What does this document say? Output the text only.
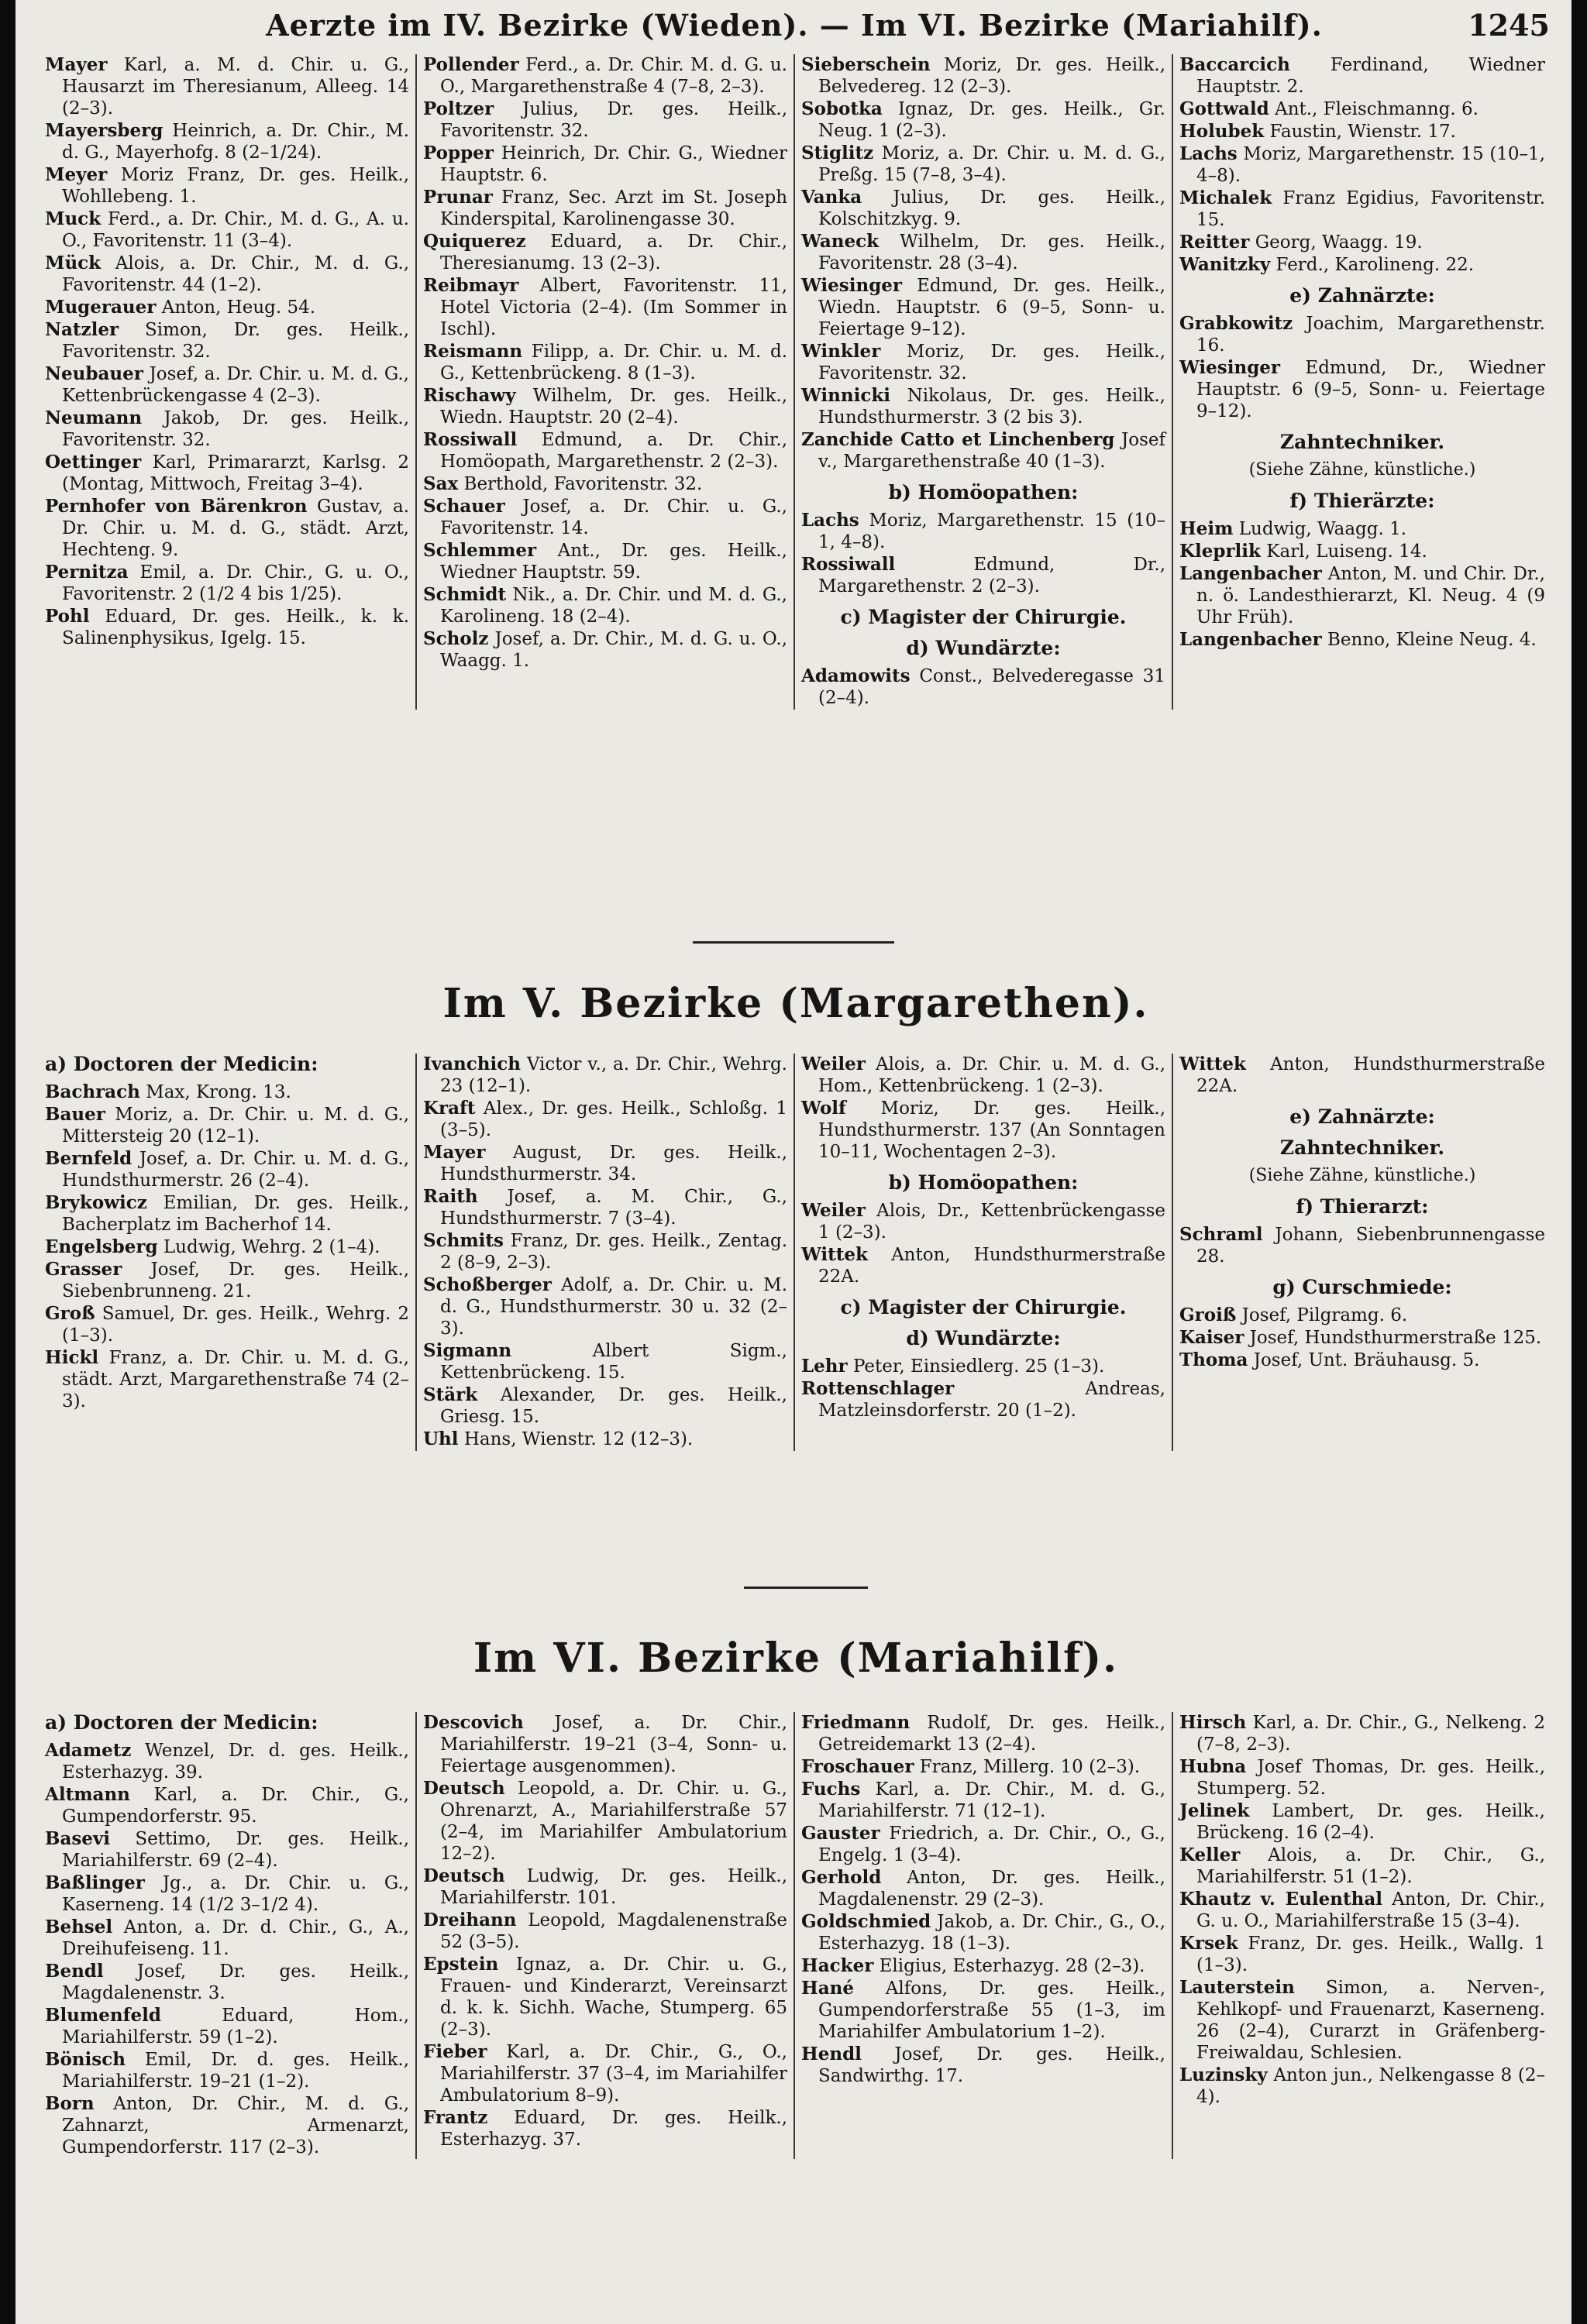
Aerzte im IV. Bezirke (Wieden). — Im VI. Bezirke (Mariahilf).	1245
Mayer Karl, a. M. d. Chir. u. G., Hausarzt im Theresianum, Alleeg. 14 (2–3).
Mayersberg Heinrich, a. Dr. Chir., M. d. G., Mayerhofg. 8 (2–1/24).
Meyer Moriz Franz, Dr. ges. Heilk., Wohllebeng. 1.
Muck Ferd., a. Dr. Chir., M. d. G., A. u. O., Favoritenstr. 11 (3–4).
Mück Alois, a. Dr. Chir., M. d. G., Favoritenstr. 44 (1–2).
Mugerauer Anton, Heug. 54.
Natzler Simon, Dr. ges. Heilk., Favoritenstr. 32.
Neubauer Josef, a. Dr. Chir. u. M. d. G., Kettenbrückengasse 4 (2–3).
Neumann Jakob, Dr. ges. Heilk., Favoritenstr. 32.
Oettinger Karl, Primararzt, Karlsg. 2 (Montag, Mittwoch, Freitag 3–4).
Pernhofer von Bärenkron Gustav, a. Dr. Chir. u. M. d. G., städt. Arzt, Hechteng. 9.
Pernitza Emil, a. Dr. Chir., G. u. O., Favoritenstr. 2 (1/2 4 bis 1/25).
Pohl Eduard, Dr. ges. Heilk., k. k. Salinenphysikus, Igelg. 15.
Pollender Ferd., a. Dr. Chir. M. d. G. u. O., Margarethenstraße 4 (7–8, 2–3).
Poltzer Julius, Dr. ges. Heilk., Favoritenstr. 32.
Popper Heinrich, Dr. Chir. G., Wiedner Hauptstr. 6.
Prunar Franz, Sec. Arzt im St. Joseph Kinderspital, Karolinengasse 30.
Quiquerez Eduard, a. Dr. Chir., Theresianumg. 13 (2–3).
Reibmayr Albert, Favoritenstr. 11, Hotel Victoria (2–4). (Im Sommer in Ischl).
Reismann Filipp, a. Dr. Chir. u. M. d. G., Kettenbrückeng. 8 (1–3).
Rischawy Wilhelm, Dr. ges. Heilk., Wiedn. Hauptstr. 20 (2–4).
Rossiwall Edmund, a. Dr. Chir., Homöopath, Margarethenstr. 2 (2–3).
Sax Berthold, Favoritenstr. 32.
Schauer Josef, a. Dr. Chir. u. G., Favoritenstr. 14.
Schlemmer Ant., Dr. ges. Heilk., Wiedner Hauptstr. 59.
Schmidt Nik., a. Dr. Chir. und M. d. G., Karolineng. 18 (2–4).
Scholz Josef, a. Dr. Chir., M. d. G. u. O., Waagg. 1.
Sieberschein Moriz, Dr. ges. Heilk., Belvedereg. 12 (2–3).
Sobotka Ignaz, Dr. ges. Heilk., Gr. Neug. 1 (2–3).
Stiglitz Moriz, a. Dr. Chir. u. M. d. G., Preßg. 15 (7–8, 3–4).
Vanka Julius, Dr. ges. Heilk., Kolschitzkyg. 9.
Waneck Wilhelm, Dr. ges. Heilk., Favoritenstr. 28 (3–4).
Wiesinger Edmund, Dr. ges. Heilk., Wiedn. Hauptstr. 6 (9–5, Sonn- u. Feiertage 9–12).
Winkler Moriz, Dr. ges. Heilk., Favoritenstr. 32.
Winnicki Nikolaus, Dr. ges. Heilk., Hundsthurmerstr. 3 (2 bis 3).
Zanchide Catto et Linchenberg Josef v., Margarethenstraße 40 (1–3).
b) Homöopathen:
Lachs Moriz, Margarethenstr. 15 (10–1, 4–8).
Rossiwall	Edmund, Dr., Margarethenstr. 2 (2–3).
c) Magister der Chirurgie.
d) Wundärzte:
Adamowits Const., Belvederegasse 31 (2–4).
Baccarcich Ferdinand, Wiedner Hauptstr. 2.
Gottwald Ant., Fleischmanng. 6.
Holubek Faustin, Wienstr. 17.
Lachs Moriz, Margarethenstr. 15 (10–1, 4–8).
Michalek Franz Egidius, Favoritenstr. 15.
Reitter Georg, Waagg. 19.
Wanitzky Ferd., Karolineng. 22.
e) Zahnärzte:
Grabkowitz Joachim, Margarethenstr. 16.
Wiesinger Edmund, Dr., Wiedner Hauptstr. 6 (9–5, Sonn- u. Feiertage 9–12).
Zahntechniker.
(Siehe Zähne, künstliche.)
f) Thierärzte:
Heim Ludwig, Waagg. 1.
Kleprlik Karl, Luiseng. 14.
Langenbacher Anton, M. und Chir. Dr., n. ö. Landesthierarzt, Kl. Neug. 4 (9 Uhr Früh).
Langenbacher Benno, Kleine Neug. 4.
Im V. Bezirke (Margarethen).
a) Doctoren der Medicin:
Bachrach Max, Krong. 13.
Bauer Moriz, a. Dr. Chir. u. M. d. G., Mittersteig 20 (12–1).
Bernfeld Josef, a. Dr. Chir. u. M. d. G., Hundsthurmerstr. 26 (2–4).
Brykowicz Emilian, Dr. ges. Heilk., Bacherplatz im Bacherhof 14.
Engelsberg Ludwig, Wehrg. 2 (1–4).
Grasser Josef, Dr. ges. Heilk., Siebenbrunneng. 21.
Groß Samuel, Dr. ges. Heilk., Wehrg. 2 (1–3).
Hickl Franz, a. Dr. Chir. u. M. d. G., städt. Arzt, Margarethenstraße 74 (2–3).
Ivanchich Victor v., a. Dr. Chir., Wehrg. 23 (12–1).
Kraft Alex., Dr. ges. Heilk., Schloßg. 1 (3–5).
Mayer August, Dr. ges. Heilk., Hundsthurmerstr. 34.
Raith Josef, a. M. Chir., G., Hundsthurmerstr. 7 (3–4).
Schmits Franz, Dr. ges. Heilk., Zentag. 2 (8–9, 2–3).
Schoßberger Adolf, a. Dr. Chir. u. M. d. G., Hundsthurmerstr. 30 u. 32 (2–3).
Sigmann	Albert Sigm., Kettenbrückeng. 15.
Stärk Alexander, Dr. ges. Heilk., Griesg. 15.
Uhl Hans, Wienstr. 12 (12–3).
Weiler Alois, a. Dr. Chir. u. M. d. G., Hom., Kettenbrückeng. 1 (2–3).
Wolf Moriz, Dr. ges. Heilk., Hundsthurmerstr. 137 (An Sonntagen 10–11, Wochentagen 2–3).
b) Homöopathen:
Weiler Alois, Dr., Kettenbrückengasse 1 (2–3).
Wittek Anton, Hundsthurmerstraße 22A.
c) Magister der Chirurgie.
d) Wundärzte:
Lehr Peter, Einsiedlerg. 25 (1–3).
Rottenschlager	Andreas, Matzleinsdorferstr. 20 (1–2).
Wittek Anton, Hundsthurmerstraße 22A.
e) Zahnärzte:
Zahntechniker.
(Siehe Zähne, künstliche.)
f) Thierarzt:
Schraml Johann, Siebenbrunnengasse 28.
g) Curschmiede:
Groiß Josef, Pilgramg. 6.
Kaiser Josef, Hundsthurmerstraße 125.
Thoma Josef, Unt. Bräuhausg. 5.
Im VI. Bezirke (Mariahilf).
a) Doctoren der Medicin:
Adametz Wenzel, Dr. d. ges. Heilk., Esterhazyg. 39.
Altmann Karl, a. Dr. Chir., G., Gumpendorferstr. 95.
Basevi Settimo, Dr. ges. Heilk., Mariahilferstr. 69 (2–4).
Baßlinger Jg., a. Dr. Chir. u. G., Kaserneng. 14 (1/2 3–1/2 4).
Behsel Anton, a. Dr. d. Chir., G., A., Dreihufeiseng. 11.
Bendl Josef, Dr. ges. Heilk., Magdalenenstr. 3.
Blumenfeld	Eduard, Hom., Mariahilferstr. 59 (1–2).
Bönisch Emil, Dr. d. ges. Heilk., Mariahilferstr. 19–21 (1–2).
Born Anton, Dr. Chir., M. d. G., Zahnarzt, Armenarzt, Gumpendorferstr. 117 (2–3).
Descovich Josef, a. Dr. Chir., Mariahilferstr. 19–21 (3–4, Sonn- u. Feiertage ausgenommen).
Deutsch Leopold, a. Dr. Chir. u. G., Ohrenarzt, A., Mariahilferstraße 57 (2–4, im Mariahilfer Ambulatorium 12–2).
Deutsch Ludwig, Dr. ges. Heilk., Mariahilferstr. 101.
Dreihann Leopold, Magdalenenstraße 52 (3–5).
Epstein Ignaz, a. Dr. Chir. u. G., Frauen- und Kinderarzt, Vereinsarzt d. k. k. Sichh. Wache, Stumperg. 65 (2–3).
Fieber Karl, a. Dr. Chir., G., O., Mariahilferstr. 37 (3–4, im Mariahilfer Ambulatorium 8–9).
Frantz Eduard, Dr. ges. Heilk., Esterhazyg. 37.
Friedmann Rudolf, Dr. ges. Heilk., Getreidemarkt 13 (2–4).
Froschauer Franz, Millerg. 10 (2–3).
Fuchs Karl, a. Dr. Chir., M. d. G., Mariahilferstr. 71 (12–1).
Gauster Friedrich, a. Dr. Chir., O., G., Engelg. 1 (3–4).
Gerhold Anton, Dr. ges. Heilk., Magdalenenstr. 29 (2–3).
Goldschmied Jakob, a. Dr. Chir., G., O., Esterhazyg. 18 (1–3).
Hacker Eligius, Esterhazyg. 28 (2–3).
Hané Alfons, Dr. ges. Heilk., Gumpendorferstraße 55 (1–3, im Mariahilfer Ambulatorium 1–2).
Hendl Josef, Dr. ges. Heilk., Sandwirthg. 17.
Hirsch Karl, a. Dr. Chir., G., Nelkeng. 2 (7–8, 2–3).
Hubna Josef Thomas, Dr. ges. Heilk., Stumperg. 52.
Jelinek Lambert, Dr. ges. Heilk., Brückeng. 16 (2–4).
Keller Alois, a. Dr. Chir., G., Mariahilferstr. 51 (1–2).
Khautz v. Eulenthal Anton, Dr. Chir., G. u. O., Mariahilferstraße 15 (3–4).
Krsek Franz, Dr. ges. Heilk., Wallg. 1 (1–3).
Lauterstein Simon, a. Nerven-, Kehlkopf- und Frauenarzt, Kaserneng. 26 (2–4), Curarzt in Gräfenberg-Freiwaldau, Schlesien.
Luzinsky Anton jun., Nelkengasse 8 (2–4).
